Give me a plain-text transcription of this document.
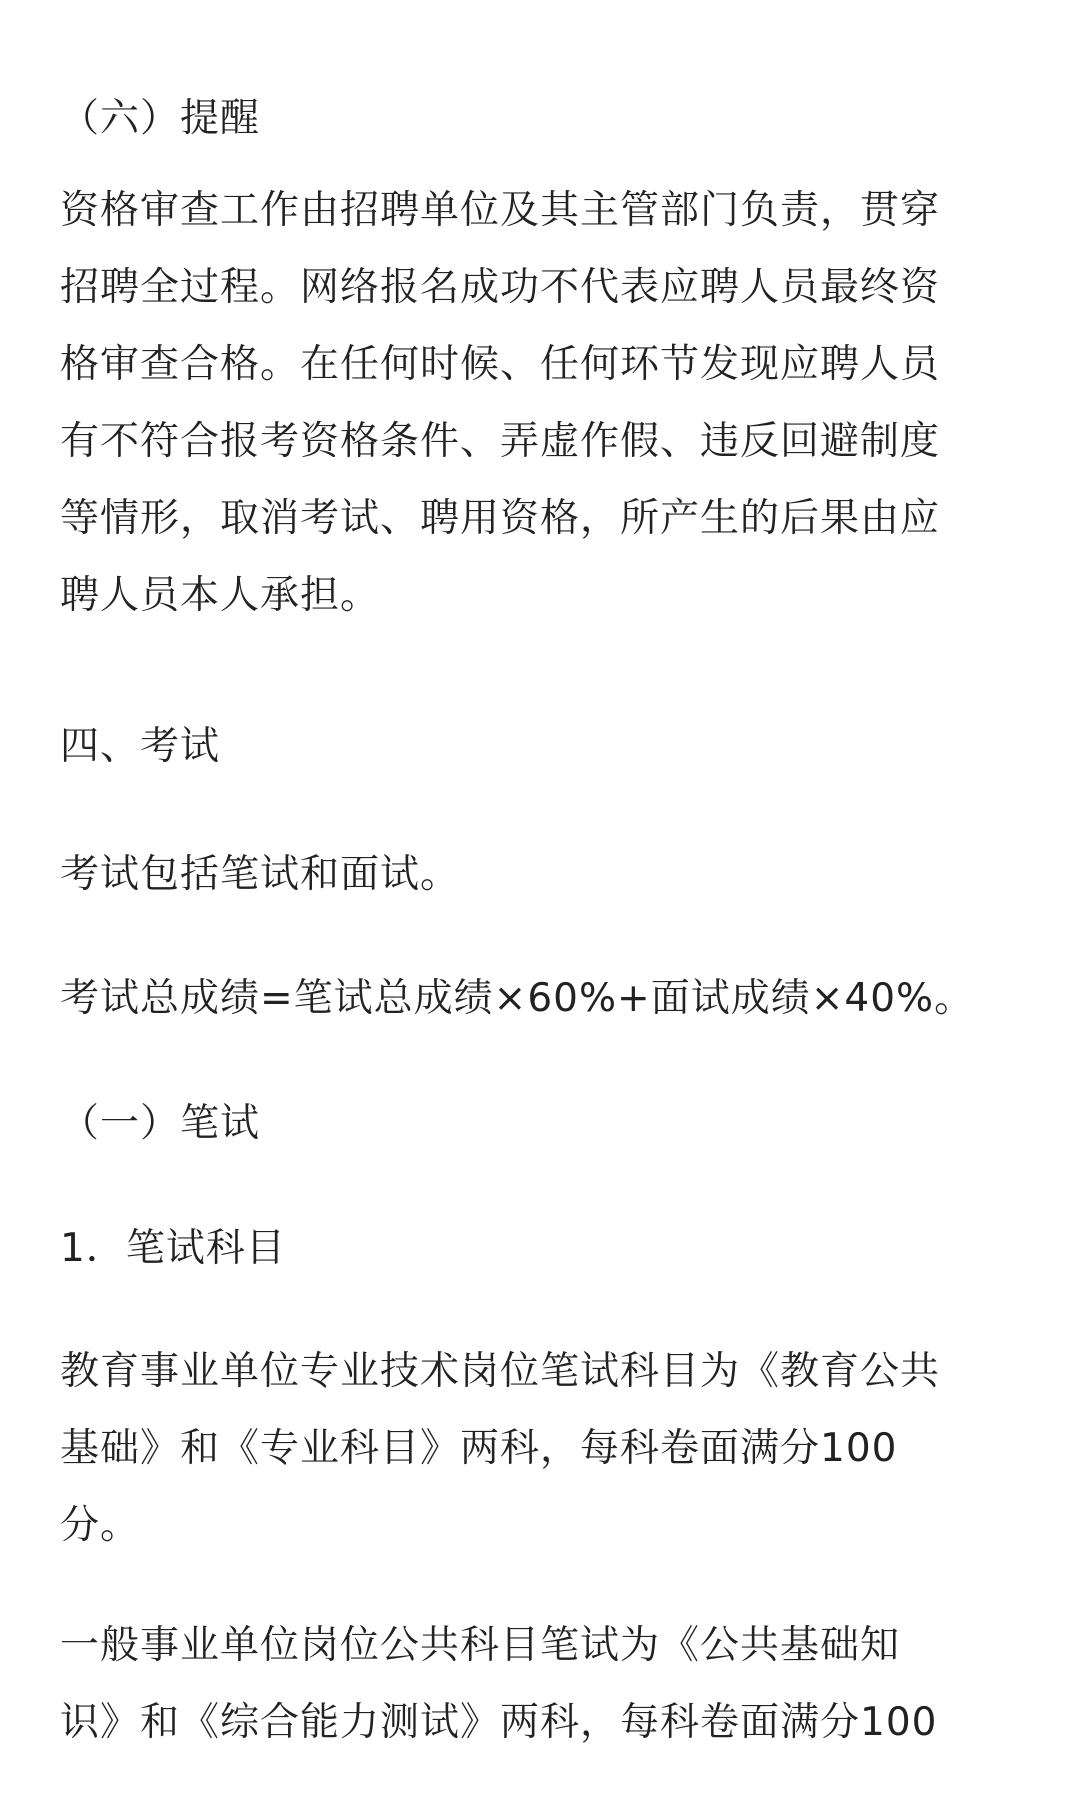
（六）提醒

资格审查工作由招聘单位及其主管部门负责，贯穿
招聘全过程。网络报名成功不代表应聘人员最终资
格审查合格。在任何时候、任何环节发现应聘人员
有不符合报考资格条件、弄虚作假、违反回避制度
等情形，取消考试、聘用资格，所产生的后果由应
聘人员本人承担。

四、考试

考试包括笔试和面试。

考试总成绩=笔试总成绩×60%+面试成绩×40%。

（一）笔试

1．笔试科目

教育事业单位专业技术岗位笔试科目为《教育公共
基础》和《专业科目》两科，每科卷面满分100
分。
一般事业单位岗位公共科目笔试为《公共基础知
识》和《综合能力测试》两科，每科卷面满分100
